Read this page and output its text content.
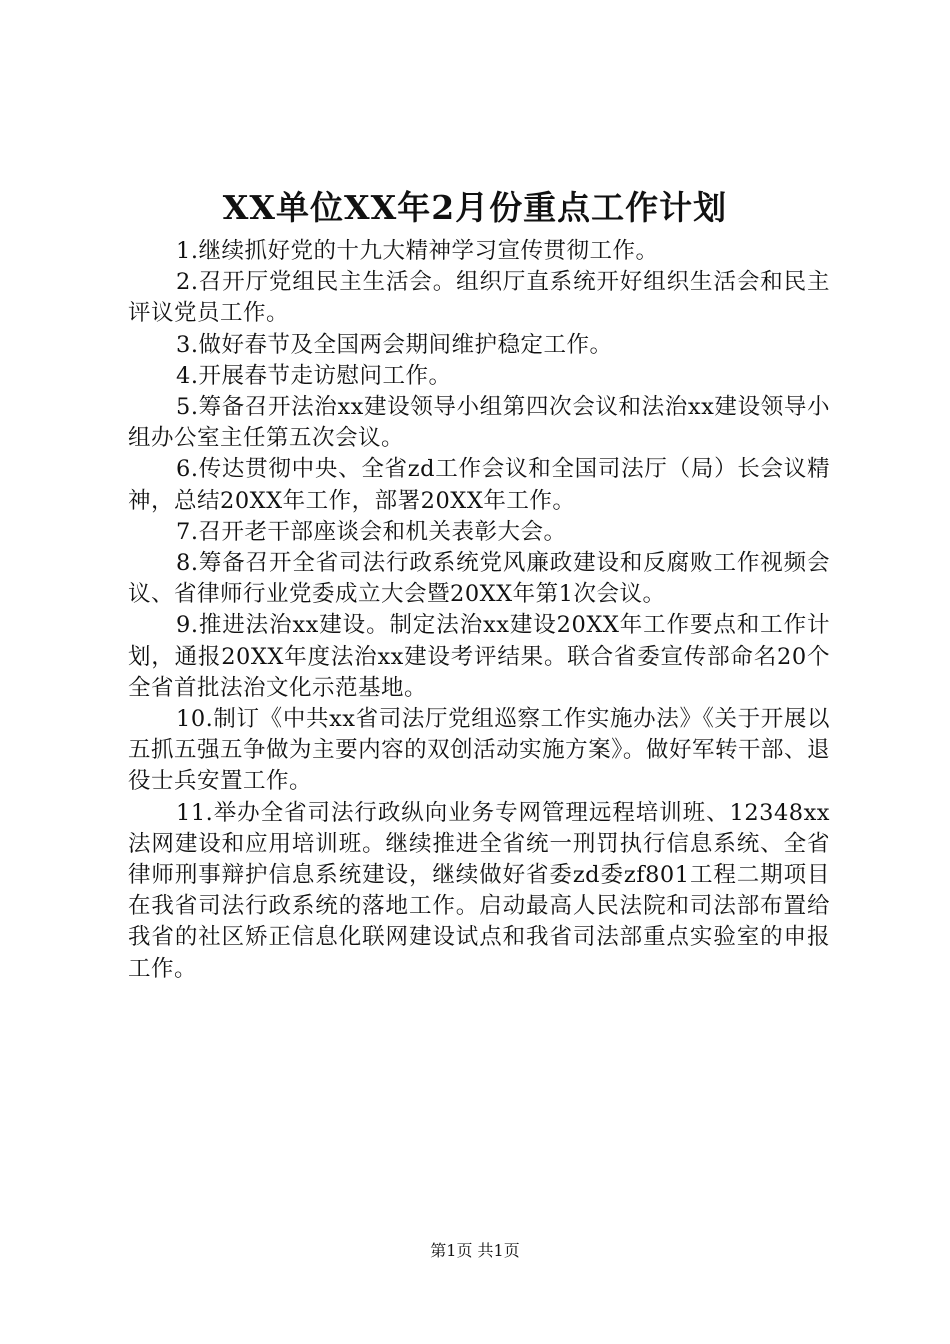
XX单位XX年2月份重点工作计划

1.继续抓好党的十九大精神学习宣传贯彻工作。

2.召开厅党组民主生活会。组织厅直系统开好组织生活会和民主评议党员工作。

3.做好春节及全国两会期间维护稳定工作。

4.开展春节走访慰问工作。

5.筹备召开法治xx建设领导小组第四次会议和法治xx建设领导小组办公室主任第五次会议。

6.传达贯彻中央、全省zd工作会议和全国司法厅（局）长会议精神，总结20XX年工作，部署20XX年工作。

7.召开老干部座谈会和机关表彰大会。

8.筹备召开全省司法行政系统党风廉政建设和反腐败工作视频会议、省律师行业党委成立大会暨20XX年第1次会议。

9.推进法治xx建设。制定法治xx建设20XX年工作要点和工作计划，通报20XX年度法治xx建设考评结果。联合省委宣传部命名20个全省首批法治文化示范基地。

10.制订《中共xx省司法厅党组巡察工作实施办法》《关于开展以五抓五强五争做为主要内容的双创活动实施方案》。做好军转干部、退役士兵安置工作。

11.举办全省司法行政纵向业务专网管理远程培训班、12348xx法网建设和应用培训班。继续推进全省统一刑罚执行信息系统、全省律师刑事辩护信息系统建设，继续做好省委zd委zf801工程二期项目在我省司法行政系统的落地工作。启动最高人民法院和司法部布置给我省的社区矫正信息化联网建设试点和我省司法部重点实验室的申报工作。

第1页 共1页
